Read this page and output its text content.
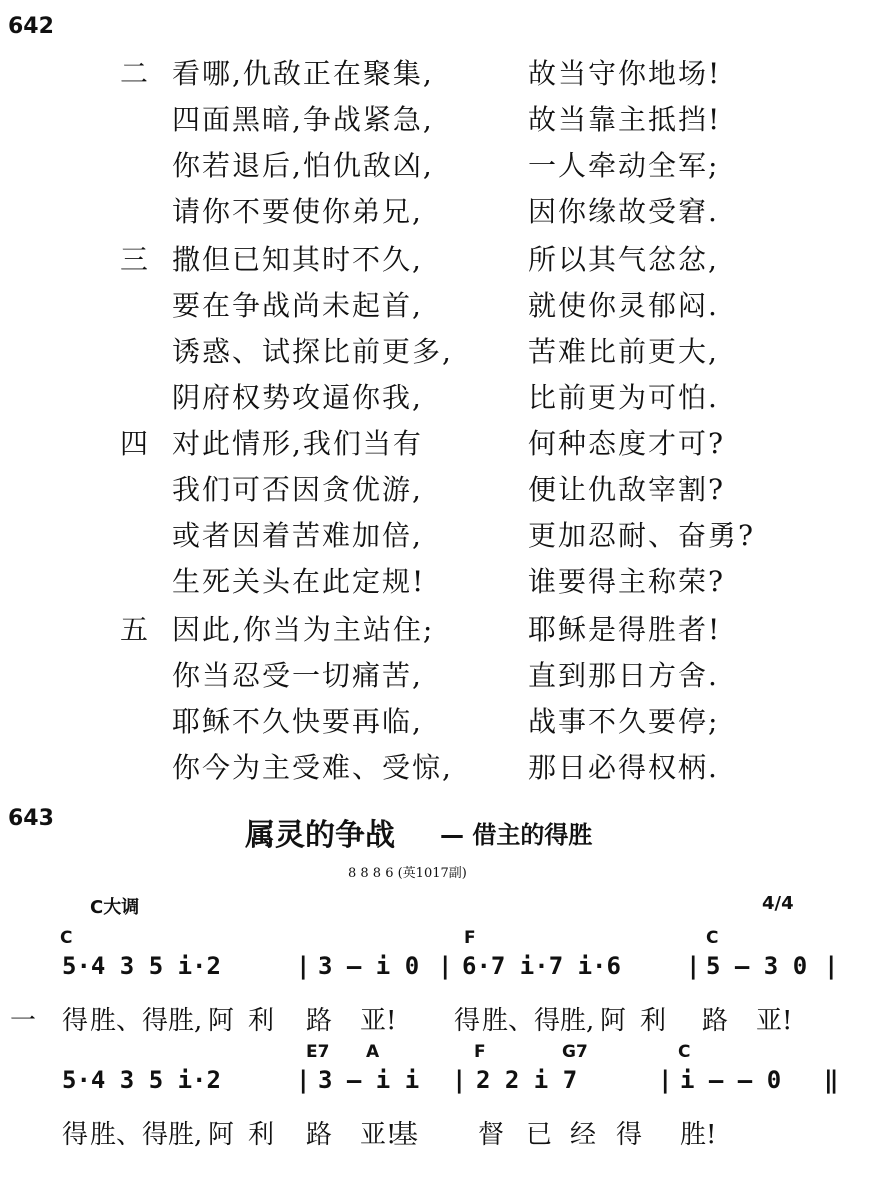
642
二 看哪,仇敌正在聚集,	故当守你地场!
四面黑暗,争战紧急,	故当靠主抵挡!
你若退后,怕仇敌凶,	一人牵动全军;
请你不要使你弟兄,	因你缘故受窘.
三 撒但已知其时不久,	所以其气忿忿,
要在争战尚未起首,	就使你灵郁闷.
诱惑、试探比前更多,	苦难比前更大,
阴府权势攻逼你我,	比前更为可怕.
四 对此情形,我们当有	何种态度才可?
我们可否因贪优游,	便让仇敌宰割?
或者因着苦难加倍,	更加忍耐、奋勇?
生死关头在此定规!	谁要得主称荣?
五 因此,你当为主站住;	耶稣是得胜者!
你当忍受一切痛苦,	直到那日方舍.
耶稣不久快要再临,	战事不久要停;
你今为主受难、受惊,	那日必得权柄.
643	属灵的争战 — 借主的得胜
8 8 8 6 (英1017副)
C大调	4/4
C	F	C
5·4 3 5 i·2	| 3 – i 0 | 6·7 i·7 i·6	| 5 – 3 0 |
一 得 胜、 得 胜, 阿 利 路 亚! 得 胜、 得 胜, 阿 利 路 亚!
E7 A	F	G7	C
5·4 3 5 i·2	| 3 – i i | 2 2 i 7	| i – – 0 ‖
得 胜、 得 胜, 阿 利 路 亚!
基 督 已 经 得 胜!
